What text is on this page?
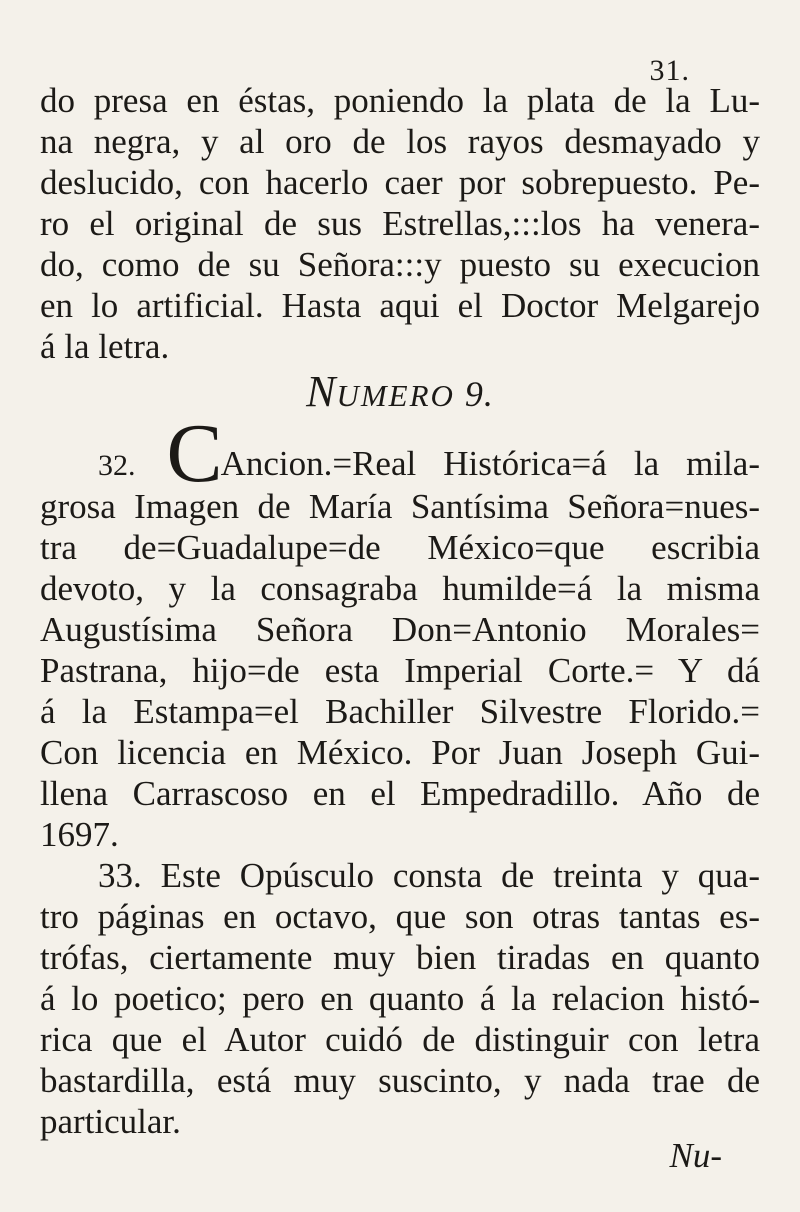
31.
do presa en éstas, poniendo la plata de la Lu-
na negra, y al oro de los rayos desmayado y
deslucido, con hacerlo caer por sobrepuesto. Pe-
ro el original de sus Estrellas,:::los ha venera-
do, como de su Señora:::y puesto su execucion
en lo artificial. Hasta aqui el Doctor Melgarejo
á la letra.
NUMERO 9.
32. CAncion.=Real Histórica=á la mila-
grosa Imagen de María Santísima Señora=nues-
tra de=Guadalupe=de México=que escribia
devoto, y la consagraba humilde=á la misma
Augustísima Señora Don=Antonio Morales=
Pastrana, hijo=de esta Imperial Corte.= Y dá
á la Estampa=el Bachiller Silvestre Florido.=
Con licencia en México. Por Juan Joseph Gui-
llena Carrascoso en el Empedradillo. Año de
1697.
33. Este Opúsculo consta de treinta y qua-
tro páginas en octavo, que son otras tantas es-
trófas, ciertamente muy bien tiradas en quanto
á lo poetico; pero en quanto á la relacion histó-
rica que el Autor cuidó de distinguir con letra
bastardilla, está muy suscinto, y nada trae de
particular.
Nu-
